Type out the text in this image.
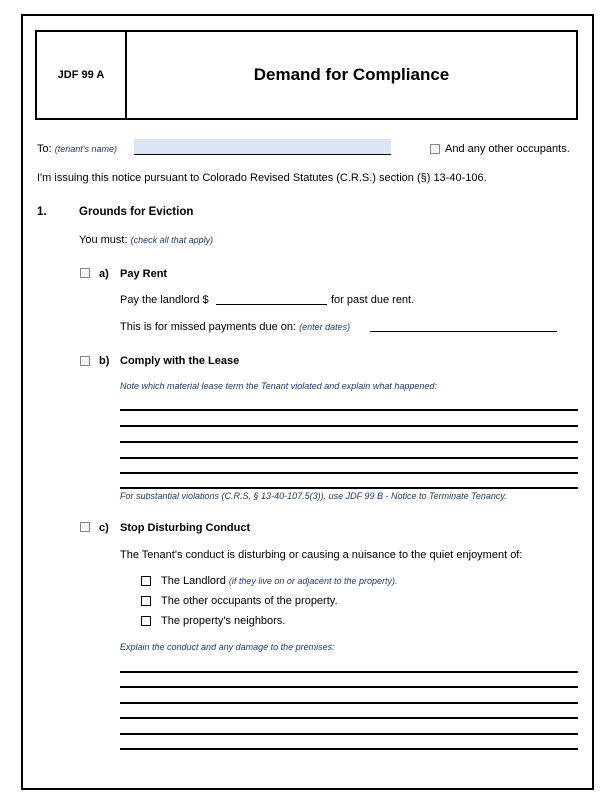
JDF 99 A	Demand for Compliance
To: (tenant's name)	And any other occupants.
I'm issuing this notice pursuant to Colorado Revised Statutes (C.R.S.) section (§) 13-40-106.
1.	Grounds for Eviction
You must: (check all that apply)
a) Pay Rent
Pay the landlord $	for past due rent.
This is for missed payments due on: (enter dates)
b) Comply with the Lease
Note which material lease term the Tenant violated and explain what happened:
For substantial violations (C.R.S. § 13-40-107.5(3)), use JDF 99 B - Notice to Terminate Tenancy.
c) Stop Disturbing Conduct
The Tenant's conduct is disturbing or causing a nuisance to the quiet enjoyment of:
The Landlord (if they live on or adjacent to the property).
The other occupants of the property.
The property's neighbors.
Explain the conduct and any damage to the premises:
